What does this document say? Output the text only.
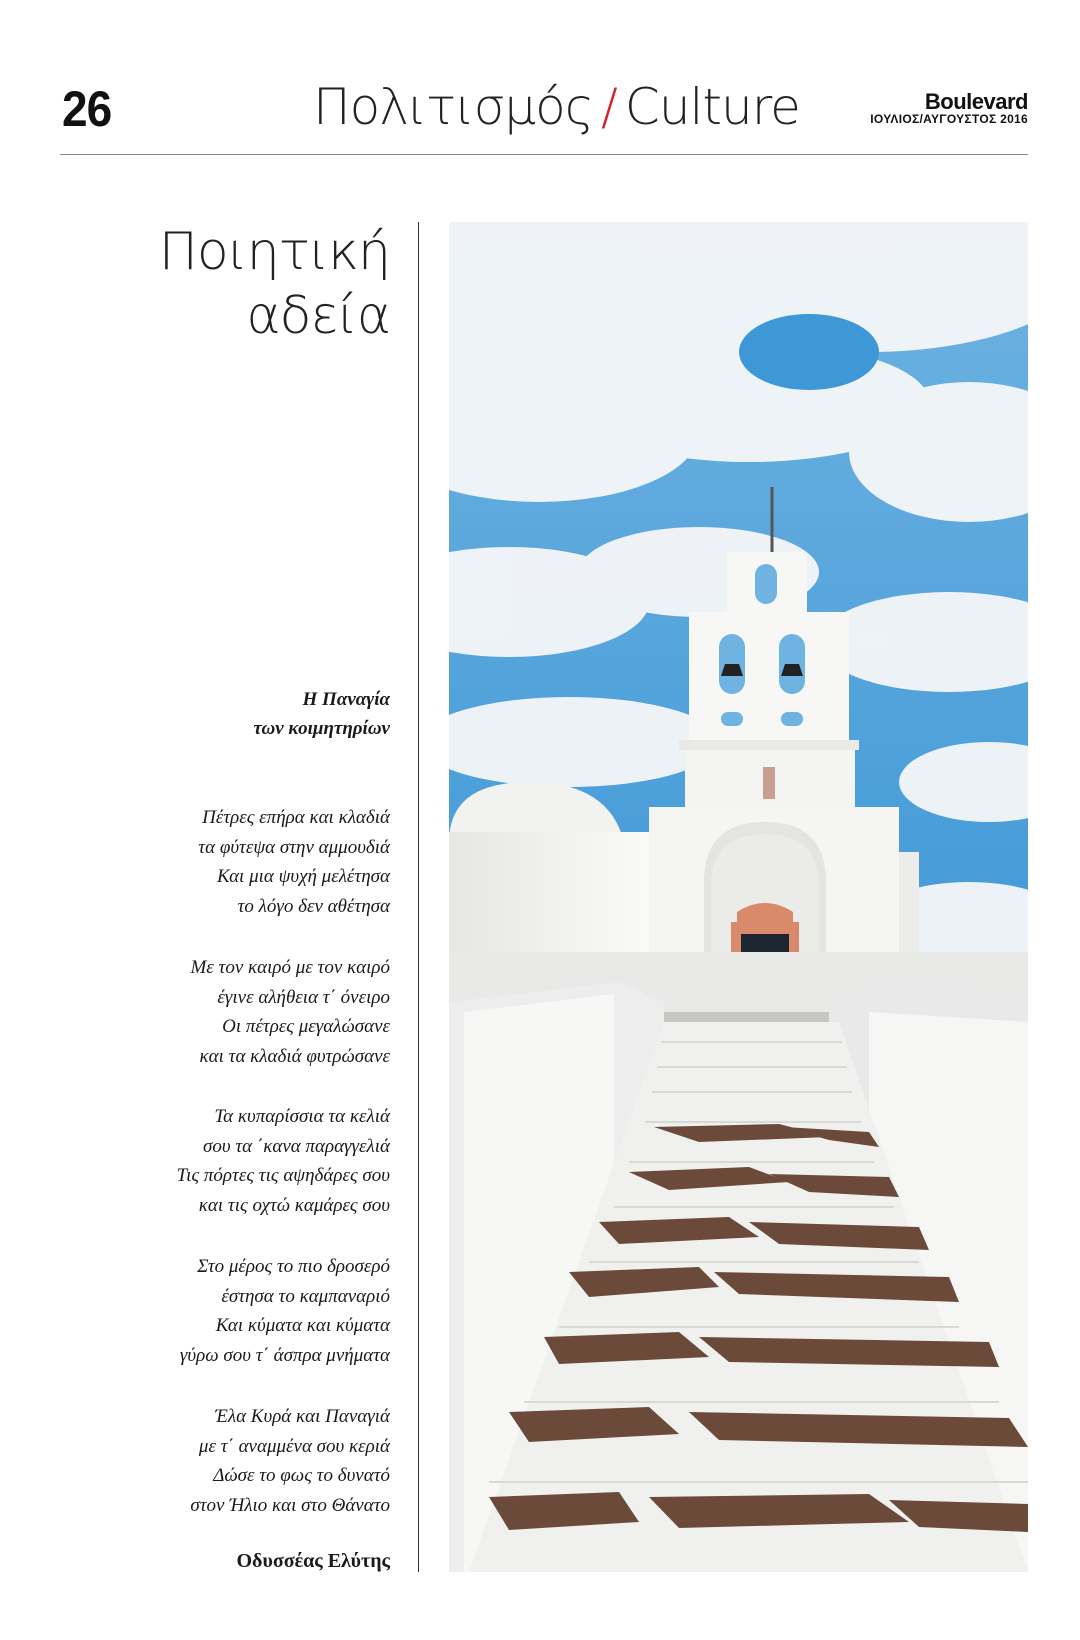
26	Πολιτισμός / Culture	Boulevard
ΙΟΥΛΙΟΣ/ΑΥΓΟΥΣΤΟΣ 2016
Ποιητική
αδεία
Η Παναγία
των κοιμητηρίων
Πέτρες επήρα και κλαδιά
τα φύτεψα στην αμμουδιά
Και μια ψυχή μελέτησα
το λόγο δεν αθέτησα
Με τον καιρό με τον καιρό
έγινε αλήθεια τ΄ όνειρο
Οι πέτρες μεγαλώσανε
και τα κλαδιά φυτρώσανε
Τα κυπαρίσσια τα κελιά
σου τα ΄κανα παραγγελιά
Τις πόρτες τις αψηδάρες σου
και τις οχτώ καμάρες σου
Στο μέρος το πιο δροσερό
έστησα το καμπαναριό
Και κύματα και κύματα
γύρω σου τ΄ άσπρα μνήματα
Έλα Κυρά και Παναγιά
με τ΄ αναμμένα σου κεριά
Δώσε το φως το δυνατό
στον Ήλιο και στο Θάνατο
Οδυσσέας Ελύτης
